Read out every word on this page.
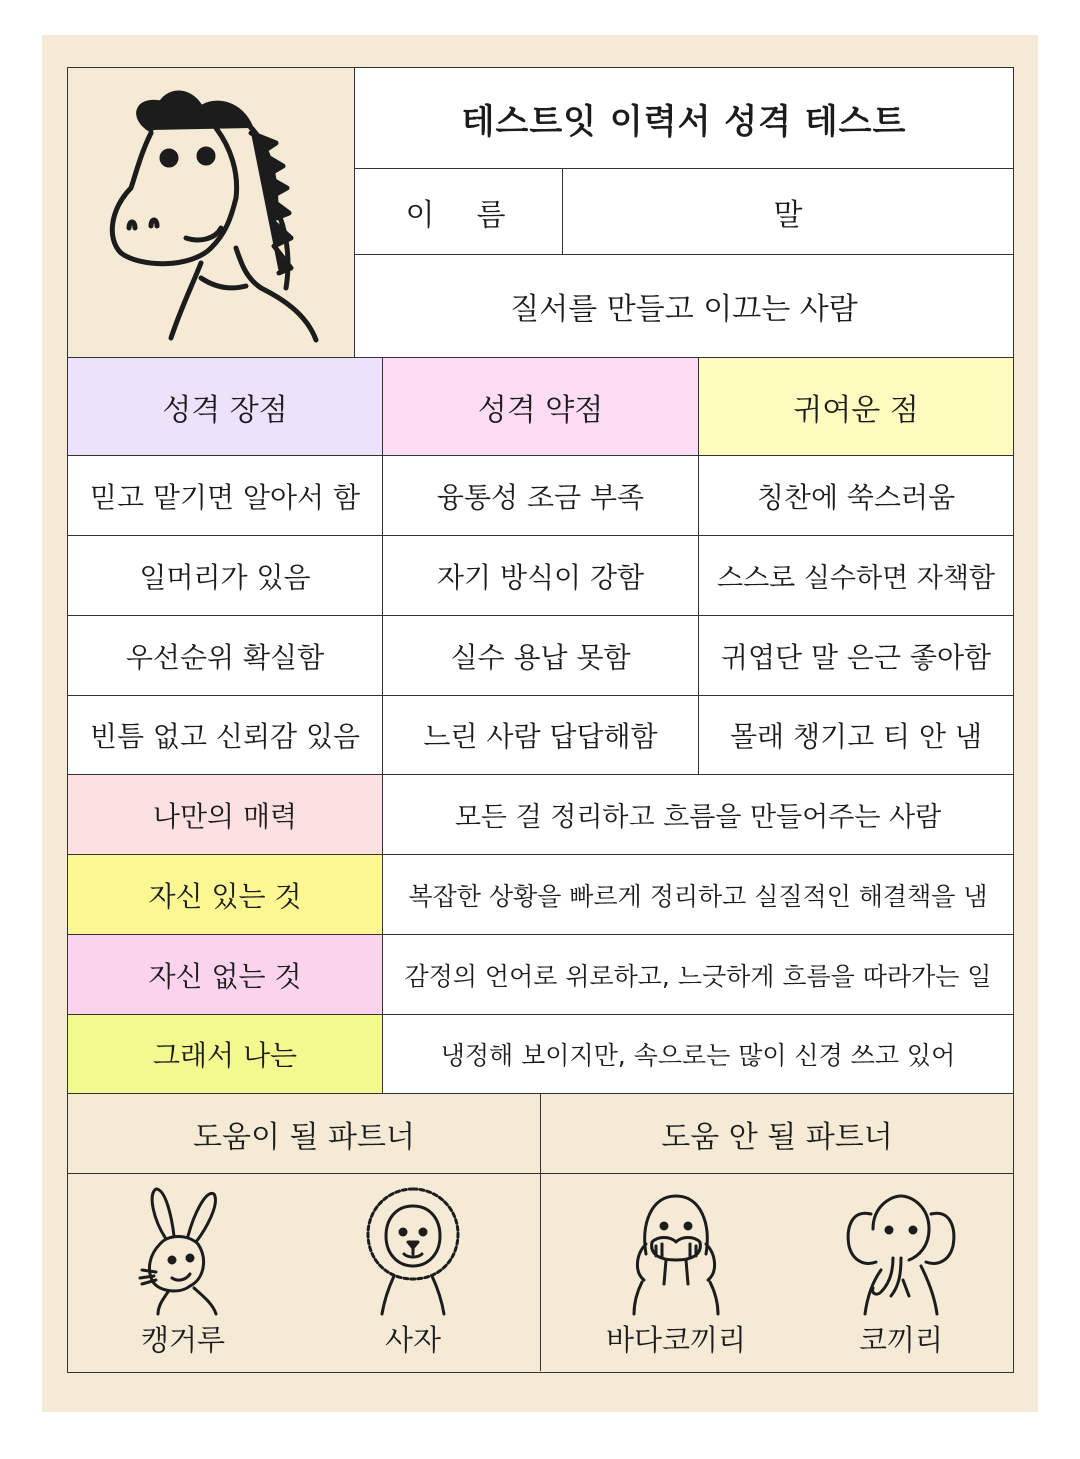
테스트잇 이력서 성격 테스트
이　름	말
질서를 만들고 이끄는 사람
성격 장점	성격 약점	귀여운 점
믿고 맡기면 알아서 함	융통성 조금 부족	칭찬에 쑥스러움
일머리가 있음	자기 방식이 강함	스스로 실수하면 자책함
우선순위 확실함	실수 용납 못함	귀엽단 말 은근 좋아함
빈틈 없고 신뢰감 있음	느린 사람 답답해함	몰래 챙기고 티 안 냄
나만의 매력	모든 걸 정리하고 흐름을 만들어주는 사람
자신 있는 것	복잡한 상황을 빠르게 정리하고 실질적인 해결책을 냄
자신 없는 것	감정의 언어로 위로하고, 느긋하게 흐름을 따라가는 일
그래서 나는	냉정해 보이지만, 속으로는 많이 신경 쓰고 있어
도움이 될 파트너	도움 안 될 파트너
캥거루	사자	바다코끼리	코끼리
